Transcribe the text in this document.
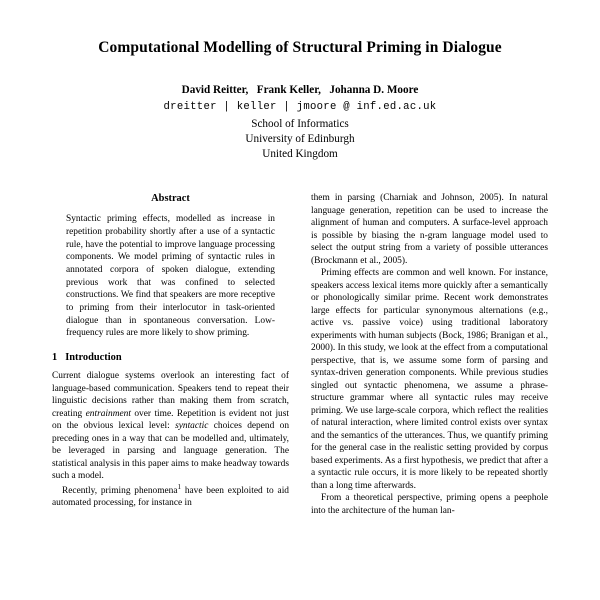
Computational Modelling of Structural Priming in Dialogue
David Reitter, Frank Keller, Johanna D. Moore
dreitter | keller | jmoore @ inf.ed.ac.uk
School of Informatics
University of Edinburgh
United Kingdom
Abstract

Syntactic priming effects, modelled as increase in repetition probability shortly after a use of a syntactic rule, have the potential to improve language processing components. We model priming of syntactic rules in annotated corpora of spoken dialogue, extending previous work that was confined to selected constructions. We find that speakers are more receptive to priming from their interlocutor in task-oriented dialogue than in spontaneous conversation. Low-frequency rules are more likely to show priming.

1 Introduction

Current dialogue systems overlook an interesting fact of language-based communication. Speakers tend to repeat their linguistic decisions rather than making them from scratch, creating entrainment over time. Repetition is evident not just on the obvious lexical level: syntactic choices depend on preceding ones in a way that can be modelled and, ultimately, be leveraged in parsing and language generation. The statistical analysis in this paper aims to make headway towards such a model.

Recently, priming phenomena$^1$ have been exploited to aid automated processing, for instance in

them in parsing (Charniak and Johnson, 2005). In natural language generation, repetition can be used to increase the alignment of human and computers. A surface-level approach is possible by biasing the n-gram language model used to select the output string from a variety of possible utterances (Brockmann et al., 2005).

Priming effects are common and well known. For instance, speakers access lexical items more quickly after a semantically or phonologically similar prime. Recent work demonstrates large effects for particular synonymous alternations (e.g., active vs. passive voice) using traditional laboratory experiments with human subjects (Bock, 1986; Branigan et al., 2000). In this study, we look at the effect from a computational perspective, that is, we assume some form of parsing and syntax-driven generation components. While previous studies singled out syntactic phenomena, we assume a phrase-structure grammar where all syntactic rules may receive priming. We use large-scale corpora, which reflect the realities of natural interaction, where limited control exists over syntax and the semantics of the utterances. Thus, we quantify priming for the general case in the realistic setting provided by corpus based experiments. As a first hypothesis, we predict that after a a syntactic rule occurs, it is more likely to be repeated shortly than a long time afterwards.

From a theoretical perspective, priming opens a peephole into the architecture of the human lan-
